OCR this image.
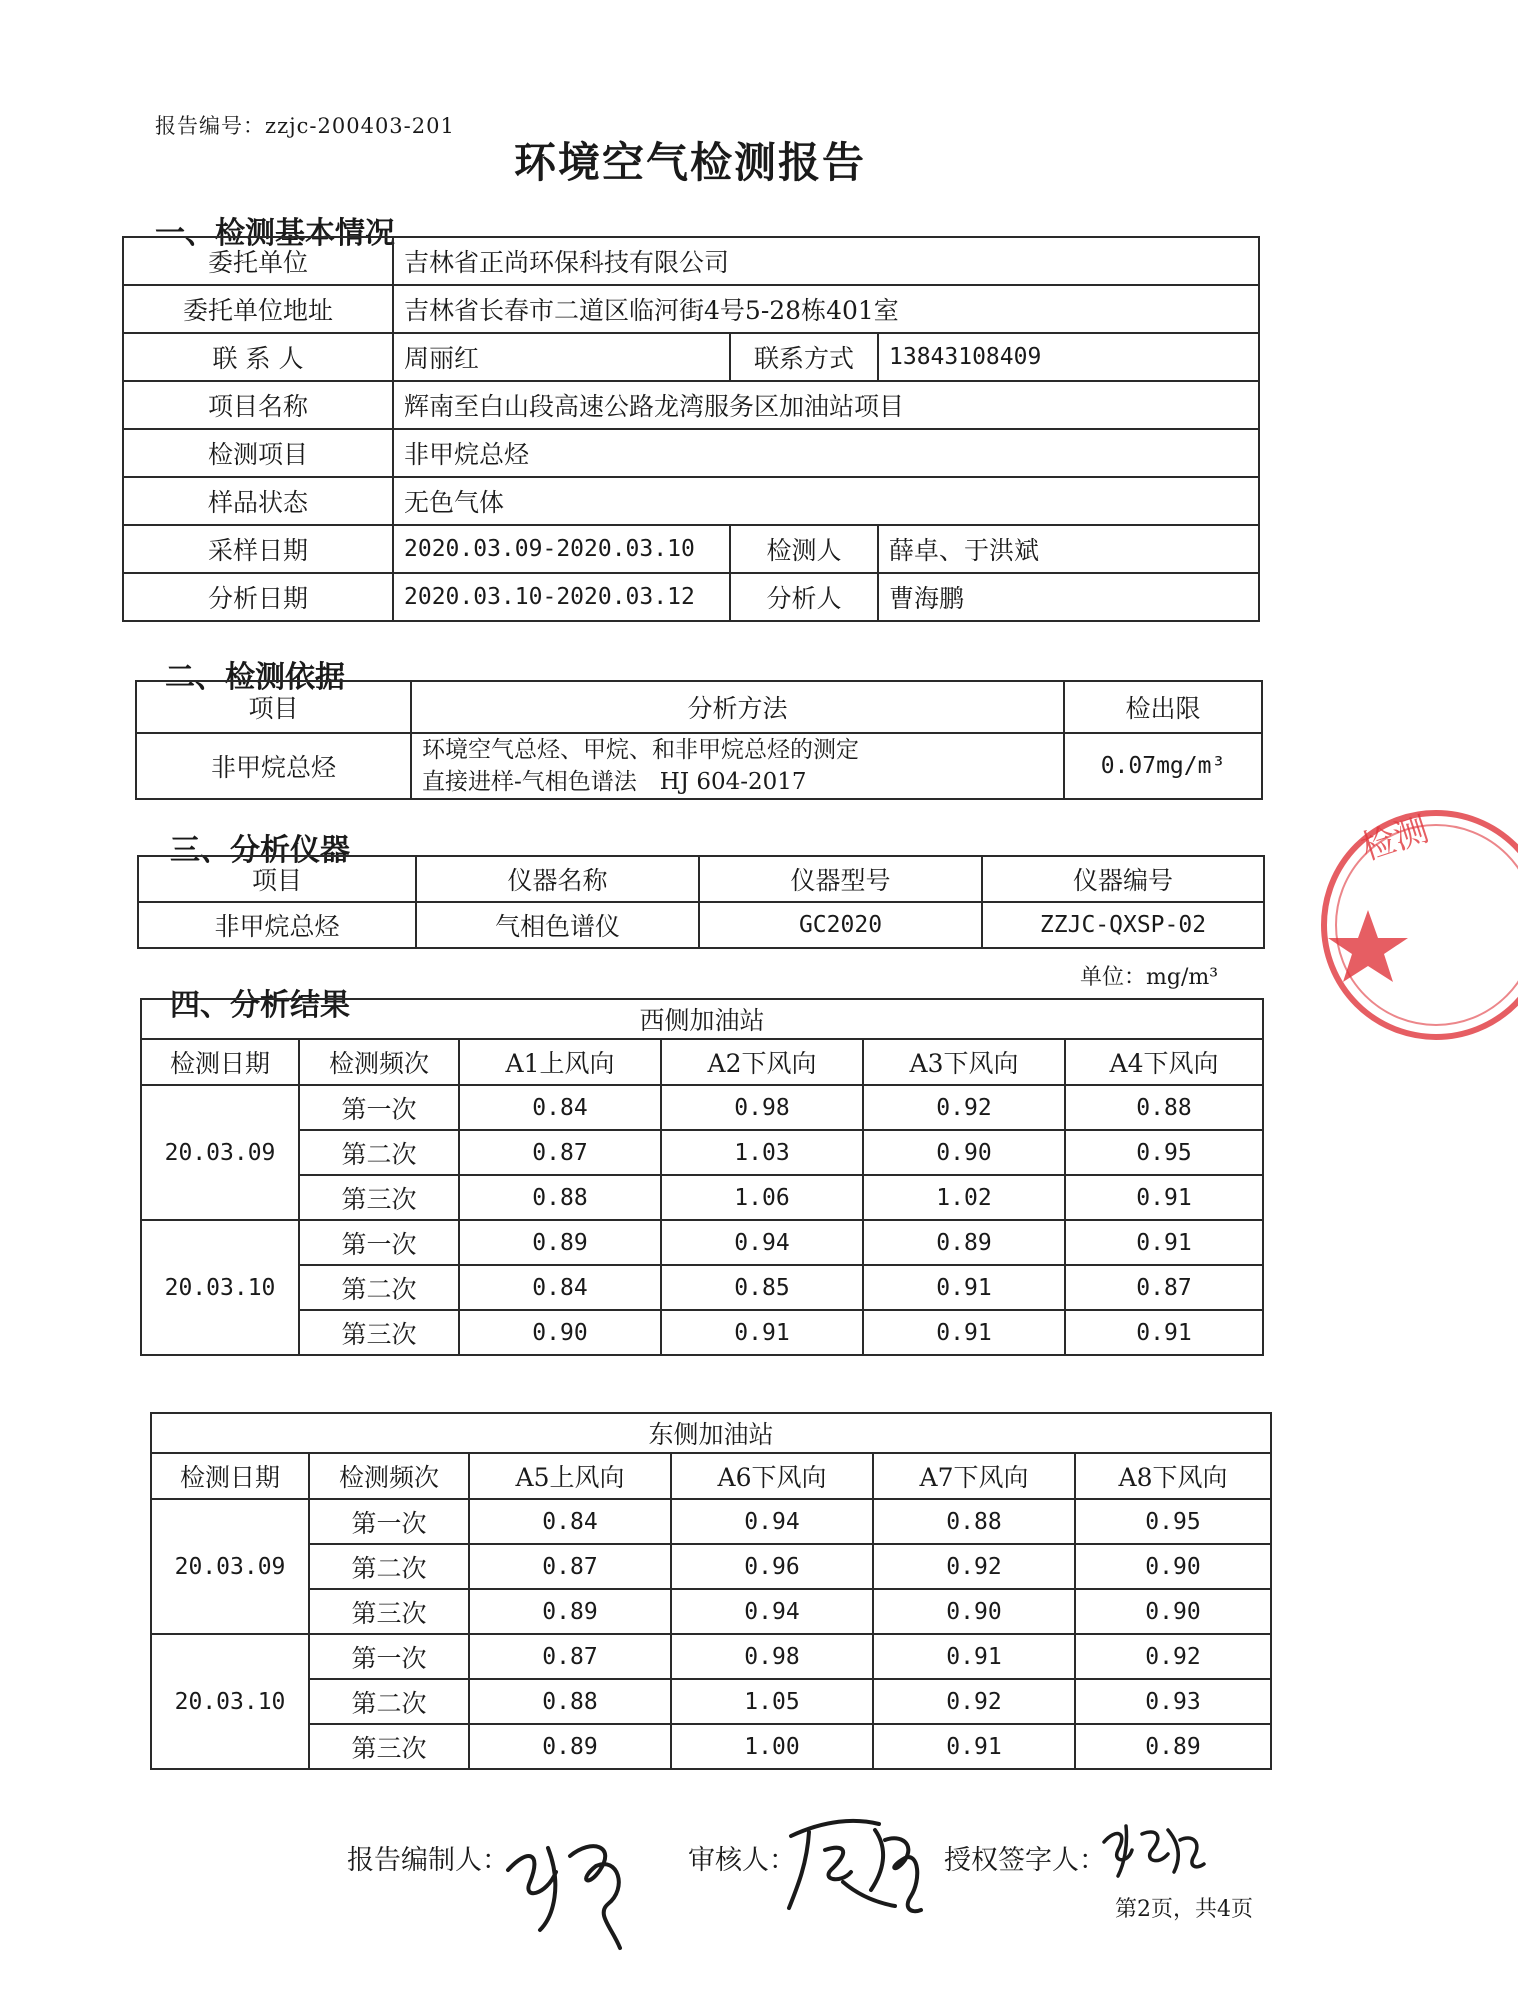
报告编号：zzjc-200403-201
环境空气检测报告
一、检测基本情况
委托单位	吉林省正尚环保科技有限公司		
委托单位地址	吉林省长春市二道区临河街4号5-28栋401室		
联 系 人	周丽红	联系方式	13843108409
项目名称	辉南至白山段高速公路龙湾服务区加油站项目		
检测项目	非甲烷总烃		
样品状态	无色气体		
采样日期	2020.03.09-2020.03.10	检测人	薛卓、于洪斌
分析日期	2020.03.10-2020.03.12	分析人	曹海鹏
二、检测依据
项目	分析方法	检出限
非甲烷总烃	环境空气总烃、甲烷、和非甲烷总烃的测定
直接进样-气相色谱法　HJ 604-2017	0.07mg/m³
三、分析仪器
项目	仪器名称	仪器型号	仪器编号
非甲烷总烃	气相色谱仪	GC2020	ZZJC-QXSP-02
四、分析结果
单位：mg/m³
西侧加油站					
检测日期	检测频次	A1上风向	A2下风向	A3下风向	A4下风向
20.03.09	第一次	0.84	0.98	0.92	0.88
	第二次	0.87	1.03	0.90	0.95
	第三次	0.88	1.06	1.02	0.91
20.03.10	第一次	0.89	0.94	0.89	0.91
	第二次	0.84	0.85	0.91	0.87
	第三次	0.90	0.91	0.91	0.91
东侧加油站					
检测日期	检测频次	A5上风向	A6下风向	A7下风向	A8下风向
20.03.09	第一次	0.84	0.94	0.88	0.95
	第二次	0.87	0.96	0.92	0.90
	第三次	0.89	0.94	0.90	0.90
20.03.10	第一次	0.87	0.98	0.91	0.92
	第二次	0.88	1.05	0.92	0.93
	第三次	0.89	1.00	0.91	0.89
报告编制人：	审核人：	授权签字人：
第2页，共4页
检测
